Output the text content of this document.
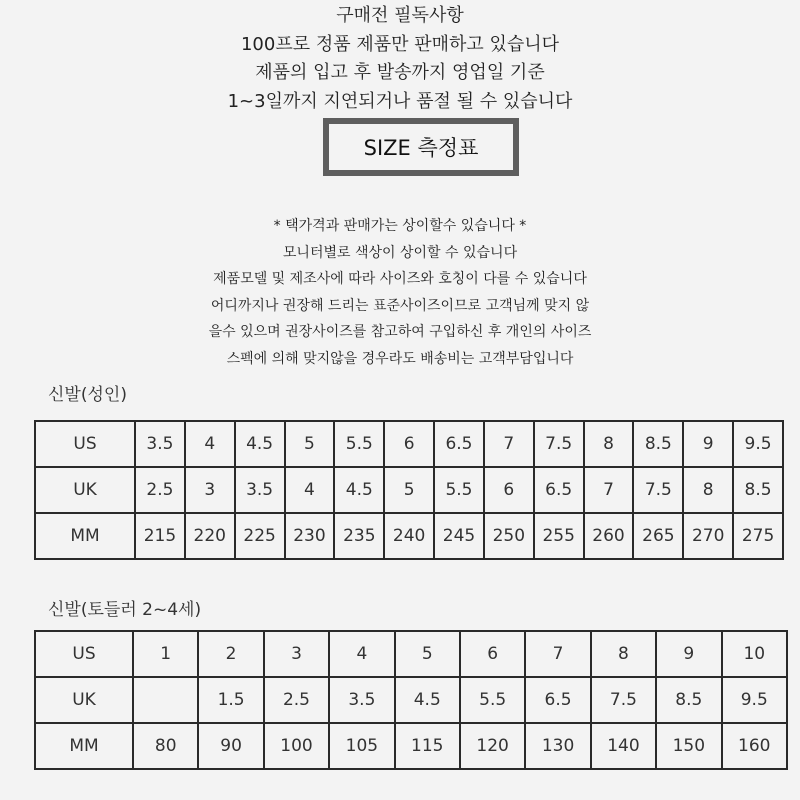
구매전 필독사항
100프로 정품 제품만 판매하고 있습니다
제품의 입고 후 발송까지 영업일 기준
1~3일까지 지연되거나 품절 될 수 있습니다
SIZE 측정표
* 택가격과 판매가는 상이할수 있습니다 *
모니터별로 색상이 상이할 수 있습니다
제품모델 및 제조사에 따라 사이즈와 호칭이 다를 수 있습니다
어디까지나 권장해 드리는 표준사이즈이므로 고객님께 맞지 않
을수 있으며 권장사이즈를 참고하여 구입하신 후 개인의 사이즈
스펙에 의해 맞지않을 경우라도 배송비는 고객부담입니다
신발(성인)
US	3.5	4	4.5	5	5.5	6	6.5	7	7.5	8	8.5	9	9.5
UK	2.5	3	3.5	4	4.5	5	5.5	6	6.5	7	7.5	8	8.5
MM	215	220	225	230	235	240	245	250	255	260	265	270	275
신발(토들러 2~4세)
US	1	2	3	4	5	6	7	8	9	10
UK		1.5	2.5	3.5	4.5	5.5	6.5	7.5	8.5	9.5
MM	80	90	100	105	115	120	130	140	150	160
